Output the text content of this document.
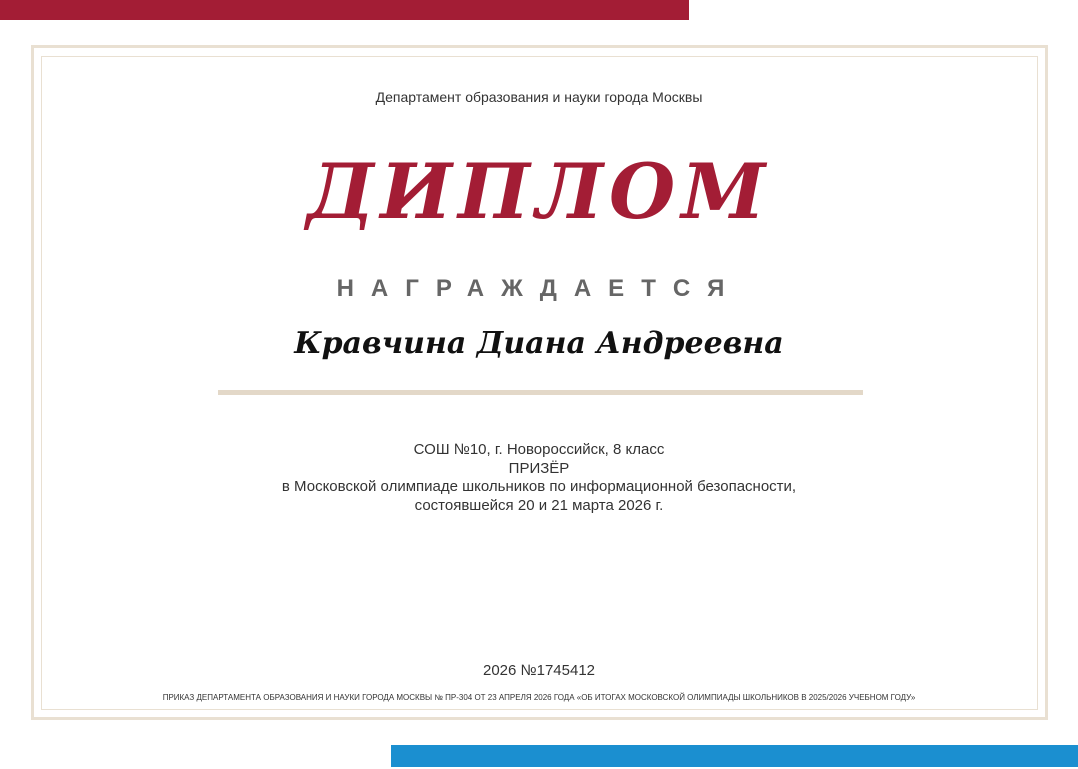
Департамент образования и науки города Москвы
ДИПЛОМ
НАГРАЖДАЕТСЯ
Кравчина Диана Андреевна
СОШ №10, г. Новороссийск, 8 класс
ПРИЗЁР
в Московской олимпиаде школьников по информационной безопасности,
состоявшейся 20 и 21 марта 2026 г.
2026 №1745412
ПРИКАЗ ДЕПАРТАМЕНТА ОБРАЗОВАНИЯ И НАУКИ ГОРОДА МОСКВЫ № ПР-304 ОТ 23 АПРЕЛЯ 2026 ГОДА «ОБ ИТОГАХ МОСКОВСКОЙ ОЛИМПИАДЫ ШКОЛЬНИКОВ В 2025/2026 УЧЕБНОМ ГОДУ»
